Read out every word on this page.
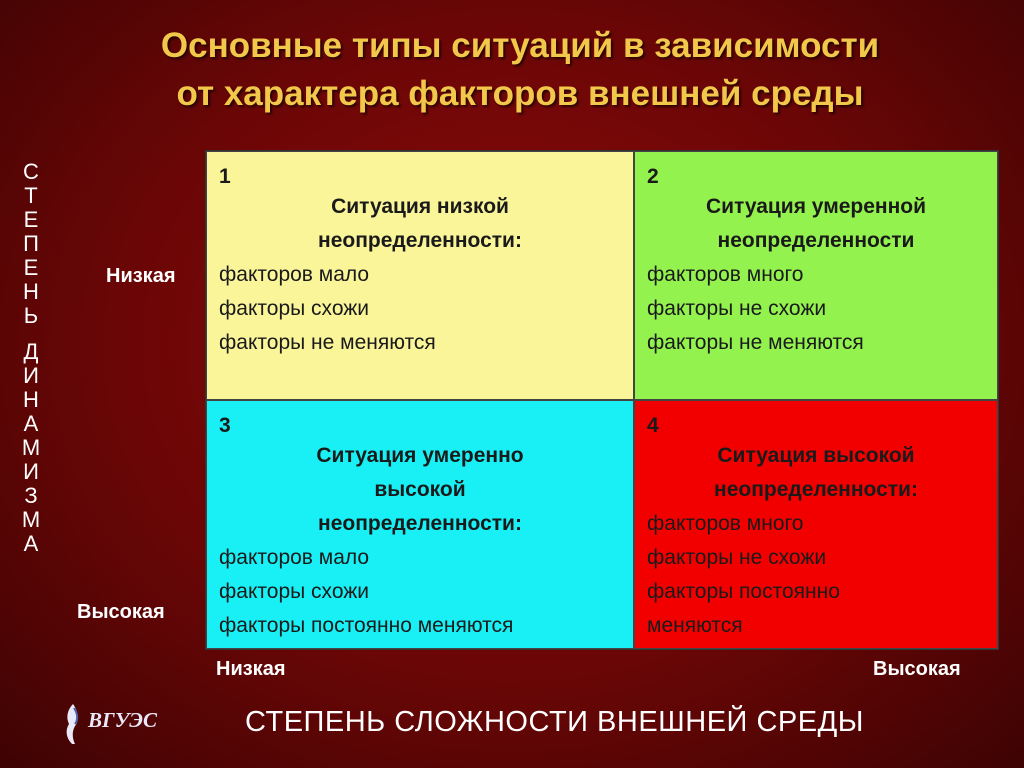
Основные типы ситуаций в зависимости
от характера факторов внешней среды
С
Т
Е
П
Е
Н
Ь
Д
И
Н
А
М
И
З
М
А
Низкая
Высокая
1
Ситуация низкой
неопределенности:
факторов мало
факторы схожи
факторы не меняются
2
Ситуация умеренной
неопределенности
факторов много
факторы не схожи
факторы не меняются
3
Ситуация умеренно
высокой
неопределенности:
факторов мало
факторы схожи
факторы постоянно меняются
4
Ситуация высокой
неопределенности:
факторов много
факторы не схожи
факторы постоянно
меняются
Низкая	Высокая
ВГУЭС	СТЕПЕНЬ СЛОЖНОСТИ ВНЕШНЕЙ СРЕДЫ
